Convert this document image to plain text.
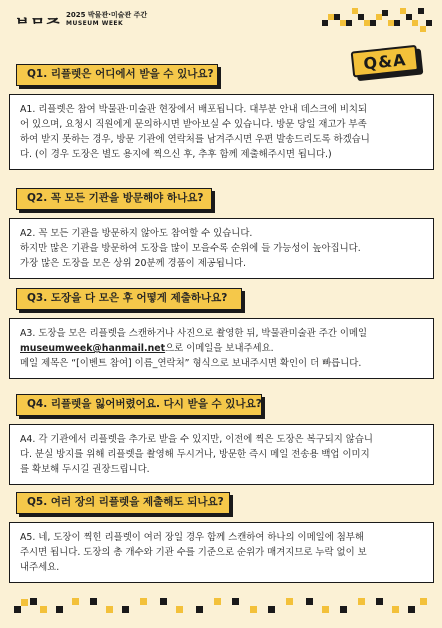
ᄇᄆᄌ
2025 박물관·미술관 주간
MUSEUM WEEK
Q&A
Q1. 리플렛은 어디에서 받을 수 있나요?

A1. 리플렛은 참여 박물관·미술관 현장에서 배포됩니다. 대부분 안내 데스크에 비치되

어 있으며, 요청시 직원에게 문의하시면 받아보실 수 있습니다. 방문 당일 재고가 부족

하여 받지 못하는 경우, 방문 기관에 연락처를 남겨주시면 우편 발송드리도록 하겠습니

다. (이 경우 도장은 별도 용지에 찍으신 후, 추후 함께 제출해주시면 됩니다.)

Q2. 꼭 모든 기관을 방문해야 하나요?

A2. 꼭 모든 기관을 방문하지 않아도 참여할 수 있습니다.

하지만 많은 기관을 방문하여 도장을 많이 모을수록 순위에 들 가능성이 높아집니다.

가장 많은 도장을 모은 상위 20분께 경품이 제공됩니다.

Q3. 도장을 다 모은 후 어떻게 제출하나요?

A3. 도장을 모은 리플렛을 스캔하거나 사진으로 촬영한 뒤, 박물관미술관 주간 이메일

museumweek@hanmail.net으로 이메일을 보내주세요.

메일 제목은 “[이벤트 참여] 이름_연락처” 형식으로 보내주시면 확인이 더 빠릅니다.

Q4. 리플렛을 잃어버렸어요. 다시 받을 수 있나요?

A4. 각 기관에서 리플렛을 추가로 받을 수 있지만, 이전에 찍은 도장은 복구되지 않습니

다. 분실 방지를 위해 리플렛을 촬영해 두시거나, 방문한 즉시 메일 전송용 백업 이미지

를 확보해 두시길 권장드립니다.

Q5. 여러 장의 리플렛을 제출해도 되나요?

A5. 네, 도장이 찍힌 리플렛이 여러 장일 경우 함께 스캔하여 하나의 이메일에 첨부해

주시면 됩니다. 도장의 총 개수와 기관 수를 기준으로 순위가 매겨지므로 누락 없이 보

내주세요.
